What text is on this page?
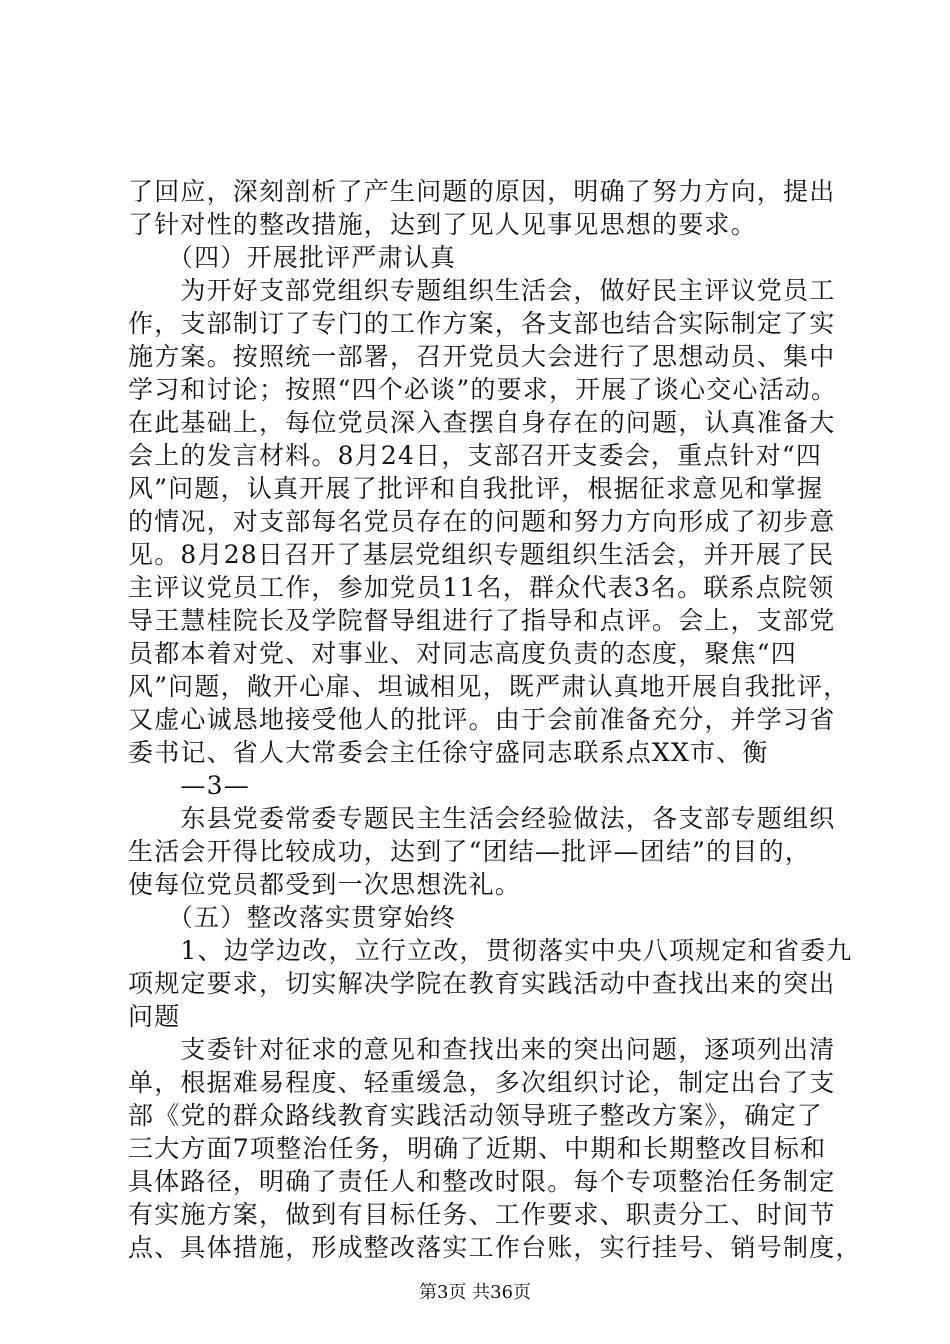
了回应，深刻剖析了产生问题的原因，明确了努力方向，提出
了针对性的整改措施，达到了见人见事见思想的要求。
　　（四）开展批评严肃认真
　　为开好支部党组织专题组织生活会，做好民主评议党员工
作，支部制订了专门的工作方案，各支部也结合实际制定了实
施方案。按照统一部署，召开党员大会进行了思想动员、集中
学习和讨论；按照“四个必谈”的要求，开展了谈心交心活动。
在此基础上，每位党员深入查摆自身存在的问题，认真准备大
会上的发言材料。8月24日，支部召开支委会，重点针对“四
风”问题，认真开展了批评和自我批评，根据征求意见和掌握
的情况，对支部每名党员存在的问题和努力方向形成了初步意
见。8月28日召开了基层党组织专题组织生活会，并开展了民
主评议党员工作，参加党员11名，群众代表3名。联系点院领
导王慧桂院长及学院督导组进行了指导和点评。会上，支部党
员都本着对党、对事业、对同志高度负责的态度，聚焦“四
风”问题，敞开心扉、坦诚相见，既严肃认真地开展自我批评，
又虚心诚恳地接受他人的批评。由于会前准备充分，并学习省
委书记、省人大常委会主任徐守盛同志联系点XX市、衡
　　—3—
　　东县党委常委专题民主生活会经验做法，各支部专题组织
生活会开得比较成功，达到了“团结—批评—团结”的目的，
使每位党员都受到一次思想洗礼。
　　（五）整改落实贯穿始终
　　1、边学边改，立行立改，贯彻落实中央八项规定和省委九
项规定要求，切实解决学院在教育实践活动中查找出来的突出
问题
　　支委针对征求的意见和查找出来的突出问题，逐项列出清
单，根据难易程度、轻重缓急，多次组织讨论，制定出台了支
部《党的群众路线教育实践活动领导班子整改方案》，确定了
三大方面7项整治任务，明确了近期、中期和长期整改目标和
具体路径，明确了责任人和整改时限。每个专项整治任务制定
有实施方案，做到有目标任务、工作要求、职责分工、时间节
点、具体措施，形成整改落实工作台账，实行挂号、销号制度，
第3页 共36页
